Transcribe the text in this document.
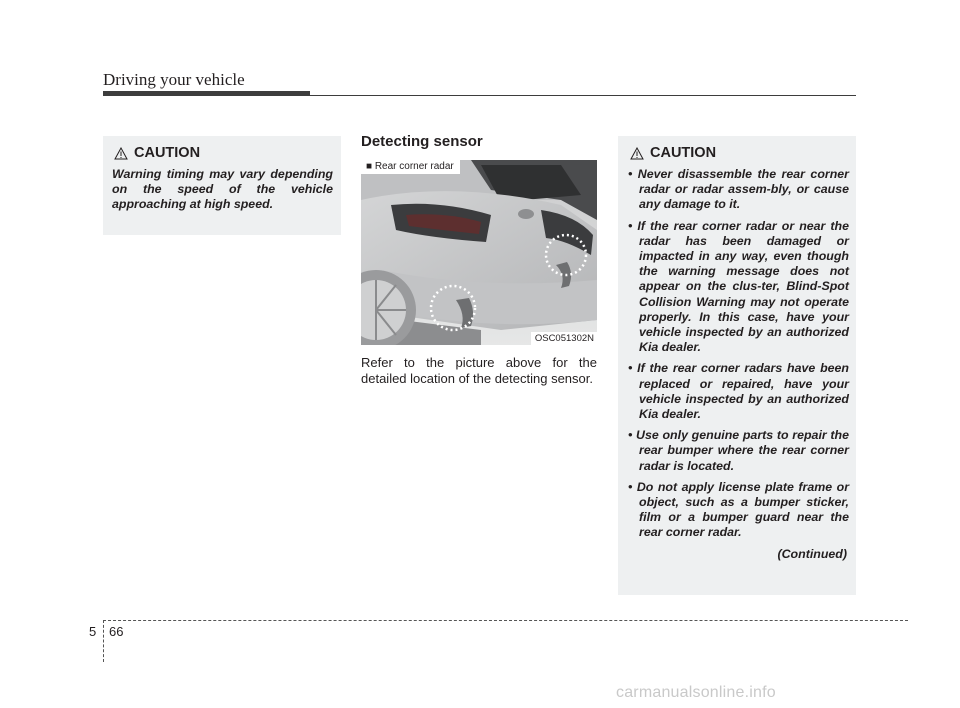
Driving your vehicle
CAUTION
Warning timing may vary depending on the speed of the vehicle approaching at high speed.
Detecting sensor
■ Rear corner radar
OSC051302N
Refer to the picture above for the detailed location of the detecting sensor.
CAUTION
• Never disassemble the rear corner radar or radar assem-bly, or cause any damage to it.
• If the rear corner radar or near the radar has been damaged or impacted in any way, even though the warning message does not appear on the clus-ter, Blind-Spot Collision Warning may not operate properly. In this case, have your vehicle inspected by an authorized Kia dealer.
• If the rear corner radars have been replaced or repaired, have your vehicle inspected by an authorized Kia dealer.
• Use only genuine parts to repair the rear bumper where the rear corner radar is located.
• Do not apply license plate frame or object, such as a bumper sticker, film or a bumper guard near the rear corner radar.
(Continued)
5 66
carmanualsonline.info
